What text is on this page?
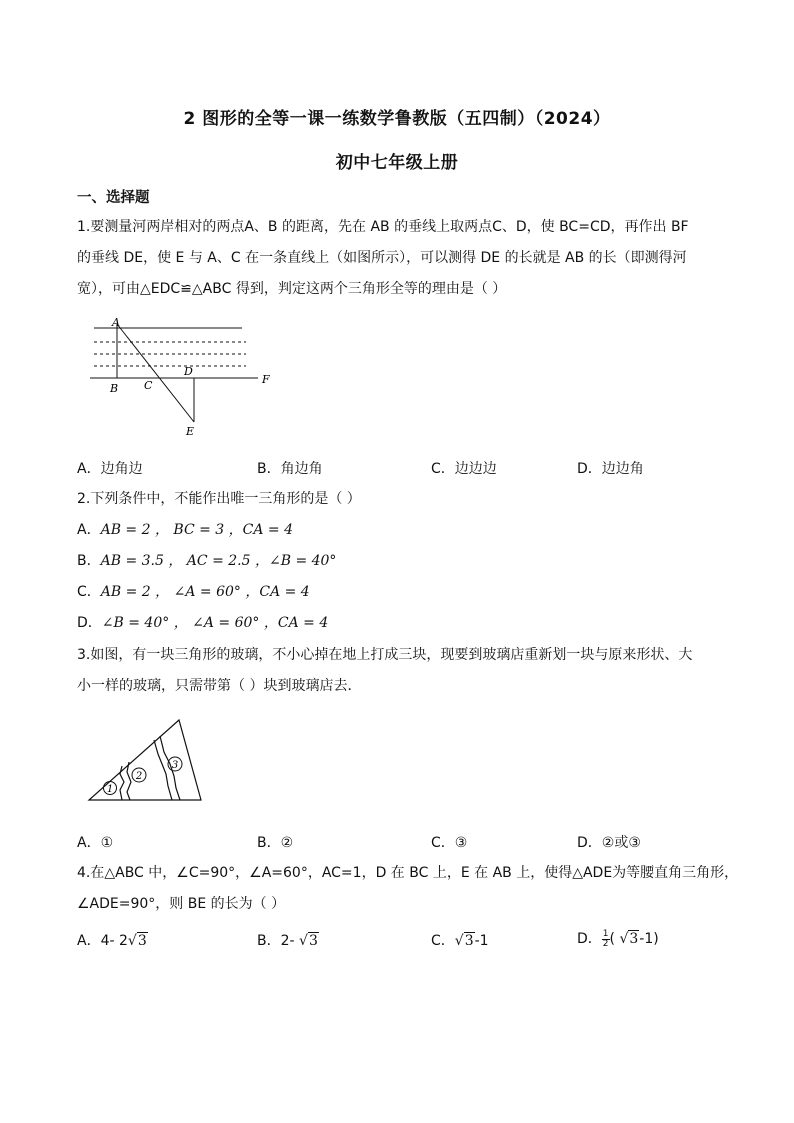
2 图形的全等一课一练数学鲁教版（五四制）（2024）
初中七年级上册
一、选择题
1.要测量河两岸相对的两点A、B 的距离，先在 AB 的垂线上取两点C、D，使 BC=CD，再作出 BF
的垂线 DE，使 E 与 A、C 在一条直线上（如图所示），可以测得 DE 的长就是 AB 的长（即测得河
宽），可由△EDC≌△ABC 得到，判定这两个三角形全等的理由是（ ）
A
B C
D
E
F
A．边角边	B．角边角	C．边边边	D．边边角
2.下列条件中，不能作出唯一三角形的是（ ）
A．AB = 2 ， BC = 3 ，CA = 4
B．AB = 3.5 ， AC = 2.5 ，∠B = 40°
C．AB = 2 ， ∠A = 60° ，CA = 4
D．∠B = 40° ， ∠A = 60° ，CA = 4
3.如图，有一块三角形的玻璃，不小心掉在地上打成三块，现要到玻璃店重新划一块与原来形状、大
小一样的玻璃，只需带第（ ）块到玻璃店去．
1
2
3
A．①	B．②	C．③	D．②或③
4.在△ABC 中，∠C=90°，∠A=60°，AC=1，D 在 BC 上，E 在 AB 上，使得△ADE为等腰直角三角形，
∠ADE=90°，则 BE 的长为（ ）
A．4- 2√3	B．2- √3	C．√3-1	D． $\frac{1}{2}$ ( √3-1)
